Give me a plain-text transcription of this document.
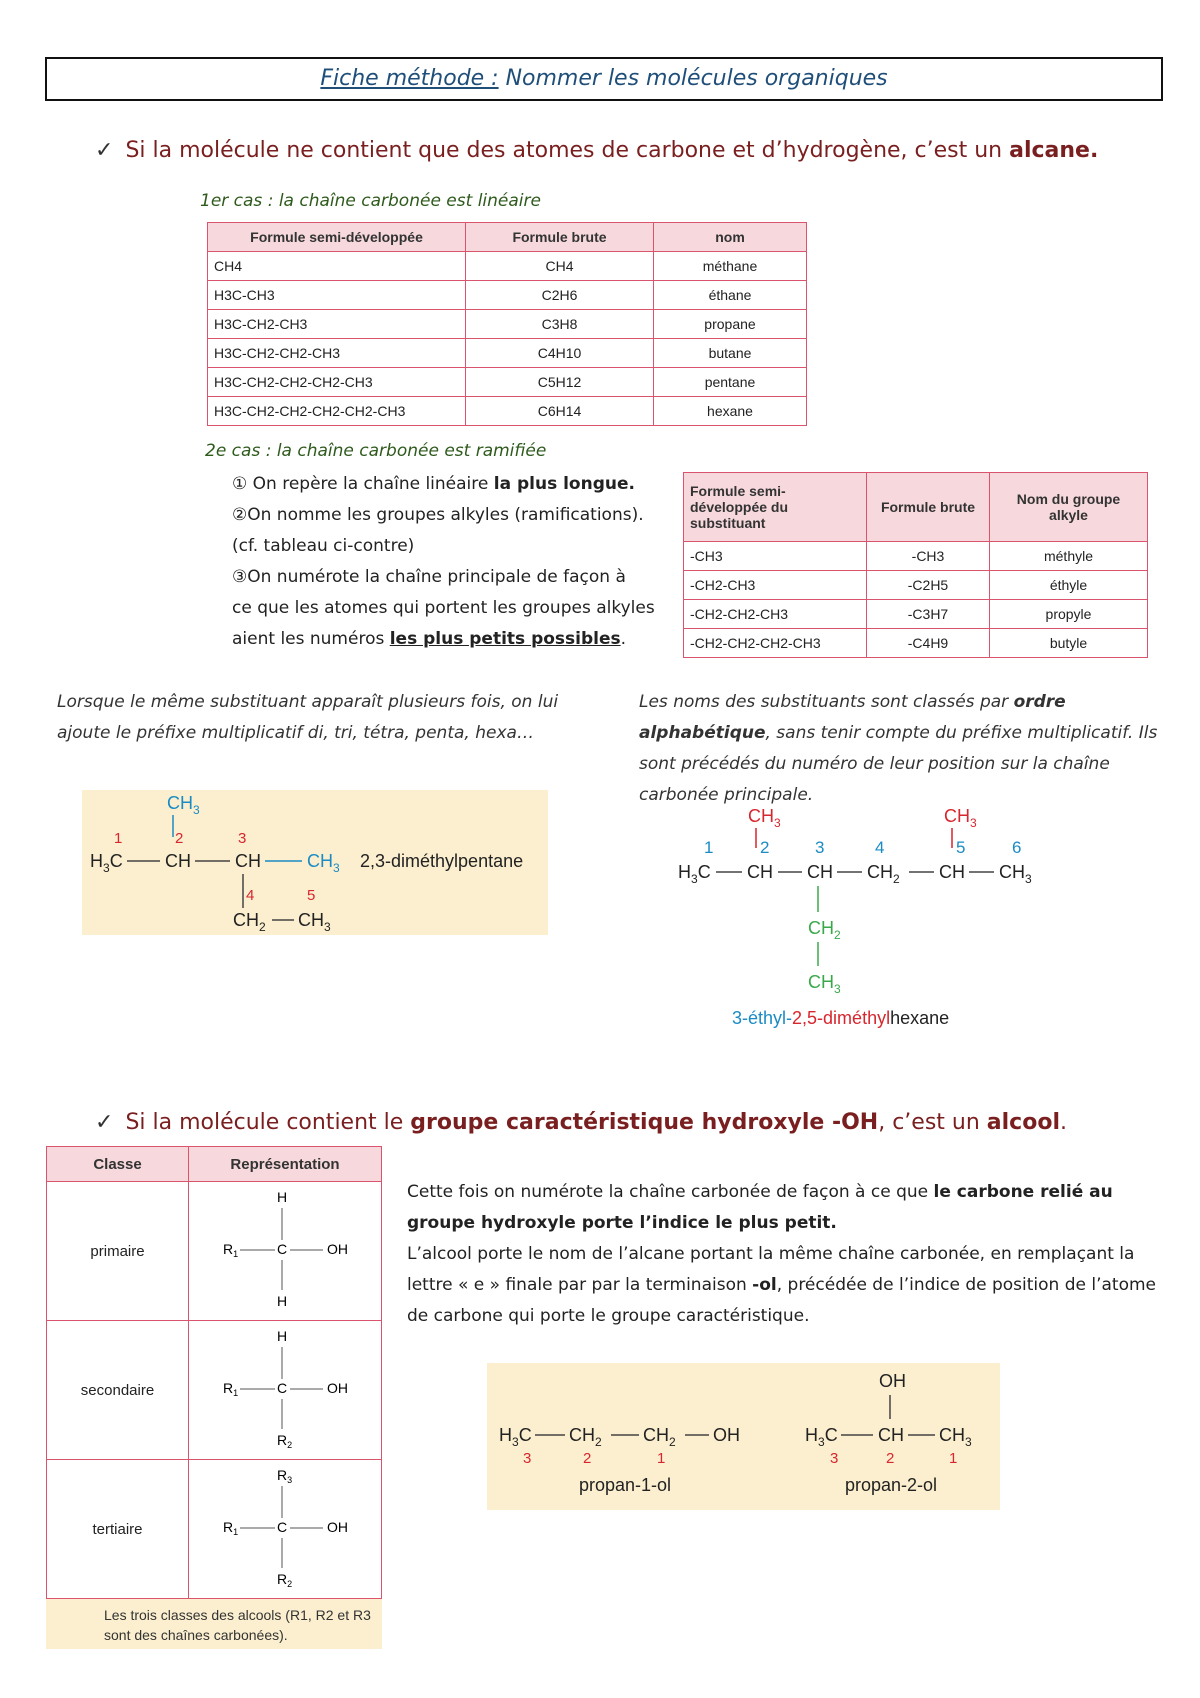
Fiche méthode : Nommer les molécules organiques
✓ Si la molécule ne contient que des atomes de carbone et d’hydrogène, c’est un alcane.
1er cas : la chaîne carbonée est linéaire
Formule semi-développée	Formule brute	nom
CH4	CH4	méthane
H3C-CH3	C2H6	éthane
H3C-CH2-CH3	C3H8	propane
H3C-CH2-CH2-CH3	C4H10	butane
H3C-CH2-CH2-CH2-CH3	C5H12	pentane
H3C-CH2-CH2-CH2-CH2-CH3	C6H14	hexane
2e cas : la chaîne carbonée est ramifiée
① On repère la chaîne linéaire la plus longue.
②On nomme les groupes alkyles (ramifications).
(cf. tableau ci-contre)
③On numérote la chaîne principale de façon à
ce que les atomes qui portent les groupes alkyles
aient les numéros les plus petits possibles.
Formule semi-développée du substituant	Formule brute	Nom du groupe alkyle
-CH3	-CH3	méthyle
-CH2-CH3	-C2H5	éthyle
-CH2-CH2-CH3	-C3H7	propyle
-CH2-CH2-CH2-CH3	-C4H9	butyle
Lorsque le même substituant apparaît plusieurs fois, on lui ajoute le préfixe multiplicatif di, tri, tétra, penta, hexa…
Les noms des substituants sont classés par ordre alphabétique, sans tenir compte du préfixe multiplicatif. Ils sont précédés du numéro de leur position sur la chaîne carbonée principale.
$CH_3$
1	2	3
$H_3C$ CH CH	$CH_3$ 2,3-diméthylpentane
4	5
$CH_2$ $CH_3$
$CH_3$	$CH_3$
1	2	3	4	5	6
$H_3C$ CH CH $CH_2$ CH $CH_3$
$CH_2$
$CH_3$
3-éthyl-2,5-diméthylhexane
✓ Si la molécule contient le groupe caractéristique hydroxyle -OH, c’est un alcool.
Classe	Représentation
primaire	H
$R_1$ C OH
H

secondaire	H
$R_1$ C OH
$R_2$

tertiaire	$R_3$
$R_1$ C OH
$R_2$
Les trois classes des alcools (R1, R2 et R3 sont des chaînes carbonées).
Cette fois on numérote la chaîne carbonée de façon à ce que le carbone relié au groupe hydroxyle porte l’indice le plus petit.
L’alcool porte le nom de l’alcane portant la même chaîne carbonée, en remplaçant la lettre « e » finale par par la terminaison -ol, précédée de l’indice de position de l’atome de carbone qui porte le groupe caractéristique.
$H_3C$ $CH_2$ $CH_2$ OH
3	2	1
propan-1-ol
OH
$H_3C$ CH $CH_3$
3	2	1
propan-2-ol
